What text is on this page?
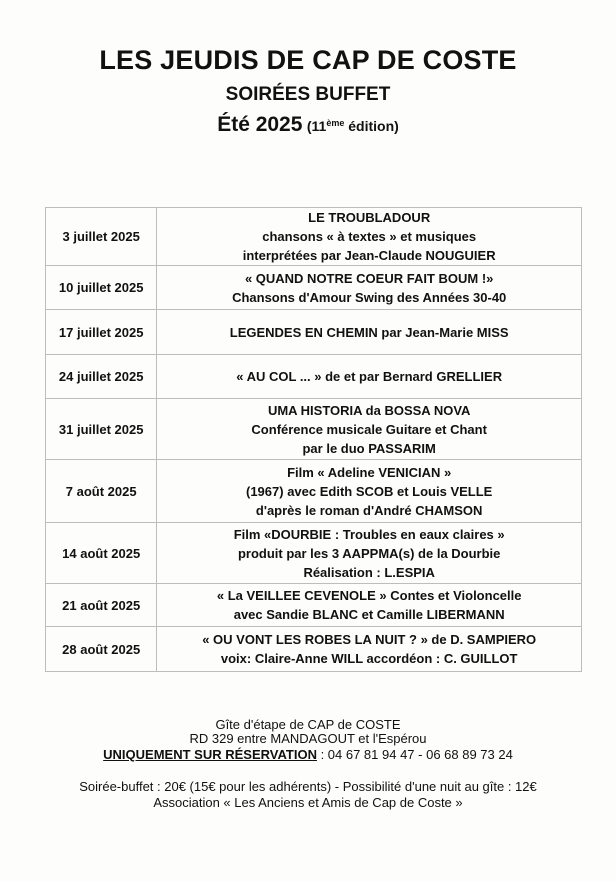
LES JEUDIS DE CAP DE COSTE
SOIRÉES BUFFET
Été 2025 (11ème édition)
3 juillet 2025	LE TROUBLADOUR
chansons « à textes » et musiques
interprétées par Jean-Claude NOUGUIER

10 juillet 2025	« QUAND NOTRE COEUR FAIT BOUM !»
Chansons d'Amour Swing des Années 30-40

17 juillet 2025	LEGENDES EN CHEMIN par Jean-Marie MISS

24 juillet 2025	« AU COL ... » de et par Bernard GRELLIER

31 juillet 2025	UMA HISTORIA da BOSSA NOVA
Conférence musicale Guitare et Chant
par le duo PASSARIM

7 août 2025	Film « Adeline VENICIAN »
(1967) avec Edith SCOB et Louis VELLE
d'après le roman d'André CHAMSON

14 août 2025	Film «DOURBIE : Troubles en eaux claires »
produit par les 3 AAPPMA(s) de la Dourbie
Réalisation : L.ESPIA

21 août 2025	« La VEILLEE CEVENOLE » Contes et Violoncelle
avec Sandie BLANC et Camille LIBERMANN

28 août 2025	« OU VONT LES ROBES LA NUIT ? » de D. SAMPIERO
voix: Claire-Anne WILL accordéon : C. GUILLOT
Gîte d'étape de CAP de COSTE
RD 329 entre MANDAGOUT et l'Espérou
UNIQUEMENT SUR RÉSERVATION : 04 67 81 94 47 - 06 68 89 73 24
Soirée-buffet : 20€ (15€ pour les adhérents) - Possibilité d'une nuit au gîte : 12€
Association « Les Anciens et Amis de Cap de Coste »
